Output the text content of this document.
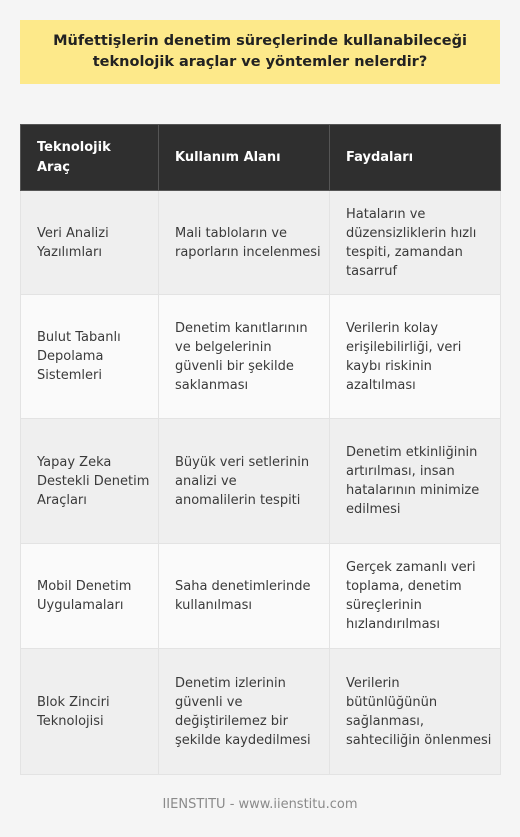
Müfettişlerin denetim süreçlerinde kullanabileceği teknolojik araçlar ve yöntemler nelerdir?
Teknolojik Araç	Kullanım Alanı	Faydaları
Veri Analizi Yazılımları	Mali tabloların ve raporların incelenmesi	Hataların ve düzensizliklerin hızlı tespiti, zamandan tasarruf
Bulut Tabanlı Depolama Sistemleri	Denetim kanıtlarının ve belgelerinin güvenli bir şekilde saklanması	Verilerin kolay erişilebilirliği, veri kaybı riskinin azaltılması
Yapay Zeka Destekli Denetim Araçları	Büyük veri setlerinin analizi ve anomalilerin tespiti	Denetim etkinliğinin artırılması, insan hatalarının minimize edilmesi
Mobil Denetim Uygulamaları	Saha denetimlerinde kullanılması	Gerçek zamanlı veri toplama, denetim süreçlerinin hızlandırılması
Blok Zinciri Teknolojisi	Denetim izlerinin güvenli ve değiştirilemez bir şekilde kaydedilmesi	Verilerin bütünlüğünün sağlanması, sahteciliğin önlenmesi
IIENSTITU - www.iienstitu.com
